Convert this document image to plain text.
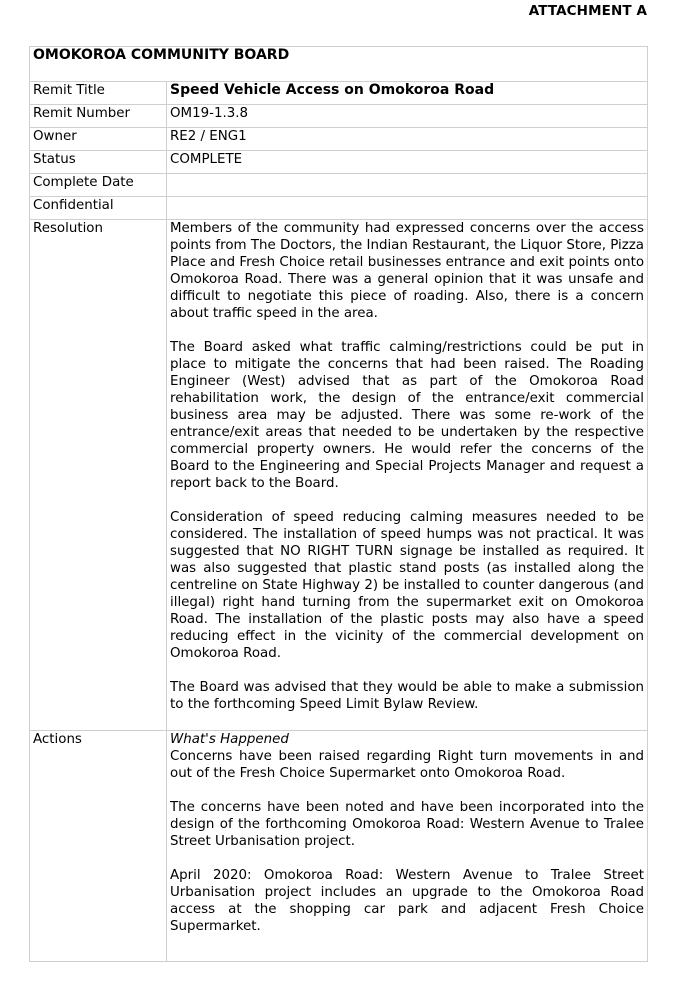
ATTACHMENT A
OMOKOROA COMMUNITY BOARD	
Remit Title	Speed Vehicle Access on Omokoroa Road
Remit Number	OM19-1.3.8
Owner	RE2 / ENG1
Status	COMPLETE
Complete Date	
Confidential	
Resolution	Members of the community had expressed concerns over the access points from The Doctors, the Indian Restaurant, the Liquor Store, Pizza Place and Fresh Choice retail businesses entrance and exit points onto Omokoroa Road. There was a general opinion that it was unsafe and difficult to negotiate this piece of roading. Also, there is a concern about traffic speed in the area.

The Board asked what traffic calming/restrictions could be put in place to mitigate the concerns that had been raised. The Roading Engineer (West) advised that as part of the Omokoroa Road rehabilitation work, the design of the entrance/exit commercial business area may be adjusted. There was some re-work of the entrance/exit areas that needed to be undertaken by the respective commercial property owners. He would refer the concerns of the Board to the Engineering and Special Projects Manager and request a report back to the Board.

Consideration of speed reducing calming measures needed to be considered. The installation of speed humps was not practical. It was suggested that NO RIGHT TURN signage be installed as required. It was also suggested that plastic stand posts (as installed along the centreline on State Highway 2) be installed to counter dangerous (and illegal) right hand turning from the supermarket exit on Omokoroa Road. The installation of the plastic posts may also have a speed reducing effect in the vicinity of the commercial development on Omokoroa Road.

The Board was advised that they would be able to make a submission to the forthcoming Speed Limit Bylaw Review.

Actions	What's Happened

Concerns have been raised regarding Right turn movements in and out of the Fresh Choice Supermarket onto Omokoroa Road.

The concerns have been noted and have been incorporated into the design of the forthcoming Omokoroa Road: Western Avenue to Tralee Street Urbanisation project.

April 2020: Omokoroa Road: Western Avenue to Tralee Street Urbanisation project includes an upgrade to the Omokoroa Road access at the shopping car park and adjacent Fresh Choice Supermarket.
